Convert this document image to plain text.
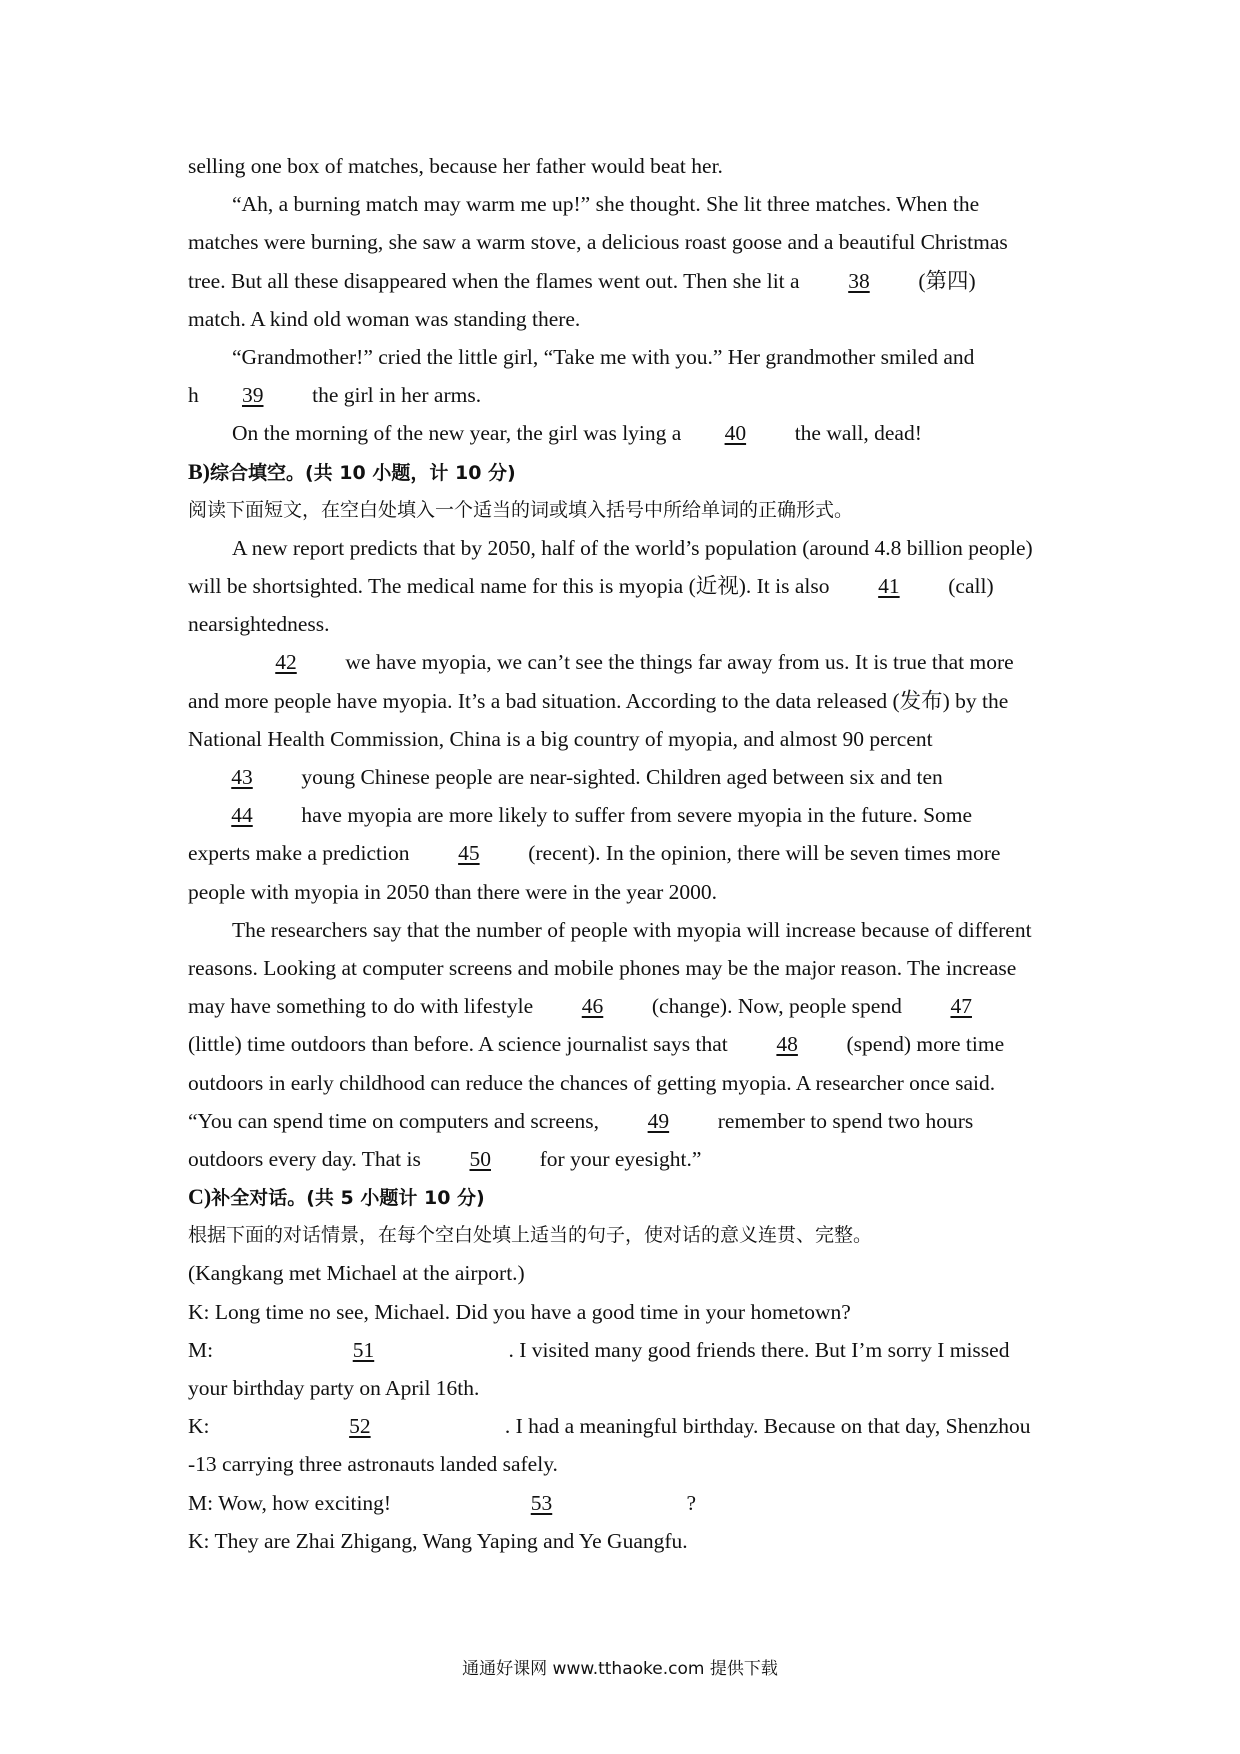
selling one box of matches, because her father would beat her.
“Ah, a burning match may warm me up!” she thought. She lit three matches. When the
matches were burning, she saw a warm stove, a delicious roast goose and a beautiful Christmas
tree. But all these disappeared when the flames went out. Then she lit a 38 (第四)
match. A kind old woman was standing there.
“Grandmother!” cried the little girl, “Take me with you.” Her grandmother smiled and
h 39 the girl in her arms.
On the morning of the new year, the girl was lying a 40 the wall, dead!
B)综合填空。(共 10 小题，计 10 分)
阅读下面短文，在空白处填入一个适当的词或填入括号中所给单词的正确形式。
A new report predicts that by 2050, half of the world’s population (around 4.8 billion people)
will be shortsighted. The medical name for this is myopia (近视). It is also 41 (call)
nearsightedness.
42 we have myopia, we can’t see the things far away from us. It is true that more
and more people have myopia. It’s a bad situation. According to the data released (发布) by the
National Health Commission, China is a big country of myopia, and almost 90 percent
43 young Chinese people are near-sighted. Children aged between six and ten
44 have myopia are more likely to suffer from severe myopia in the future. Some
experts make a prediction 45 (recent). In the opinion, there will be seven times more
people with myopia in 2050 than there were in the year 2000.
The researchers say that the number of people with myopia will increase because of different
reasons. Looking at computer screens and mobile phones may be the major reason. The increase
may have something to do with lifestyle 46 (change). Now, people spend 47
(little) time outdoors than before. A science journalist says that 48 (spend) more time
outdoors in early childhood can reduce the chances of getting myopia. A researcher once said.
“You can spend time on computers and screens, 49 remember to spend two hours
outdoors every day. That is 50 for your eyesight.”
C)补全对话。(共 5 小题计 10 分)
根据下面的对话情景，在每个空白处填上适当的句子，使对话的意义连贯、完整。
(Kangkang met Michael at the airport.)
K: Long time no see, Michael. Did you have a good time in your hometown?
M:	51	. I visited many good friends there. But I’m sorry I missed
your birthday party on April 16th.
K:	52	. I had a meaningful birthday. Because on that day, Shenzhou
-13 carrying three astronauts landed safely.
M: Wow, how exciting!	53	?
K: They are Zhai Zhigang, Wang Yaping and Ye Guangfu.
通通好课网 www.tthaoke.com 提供下载
